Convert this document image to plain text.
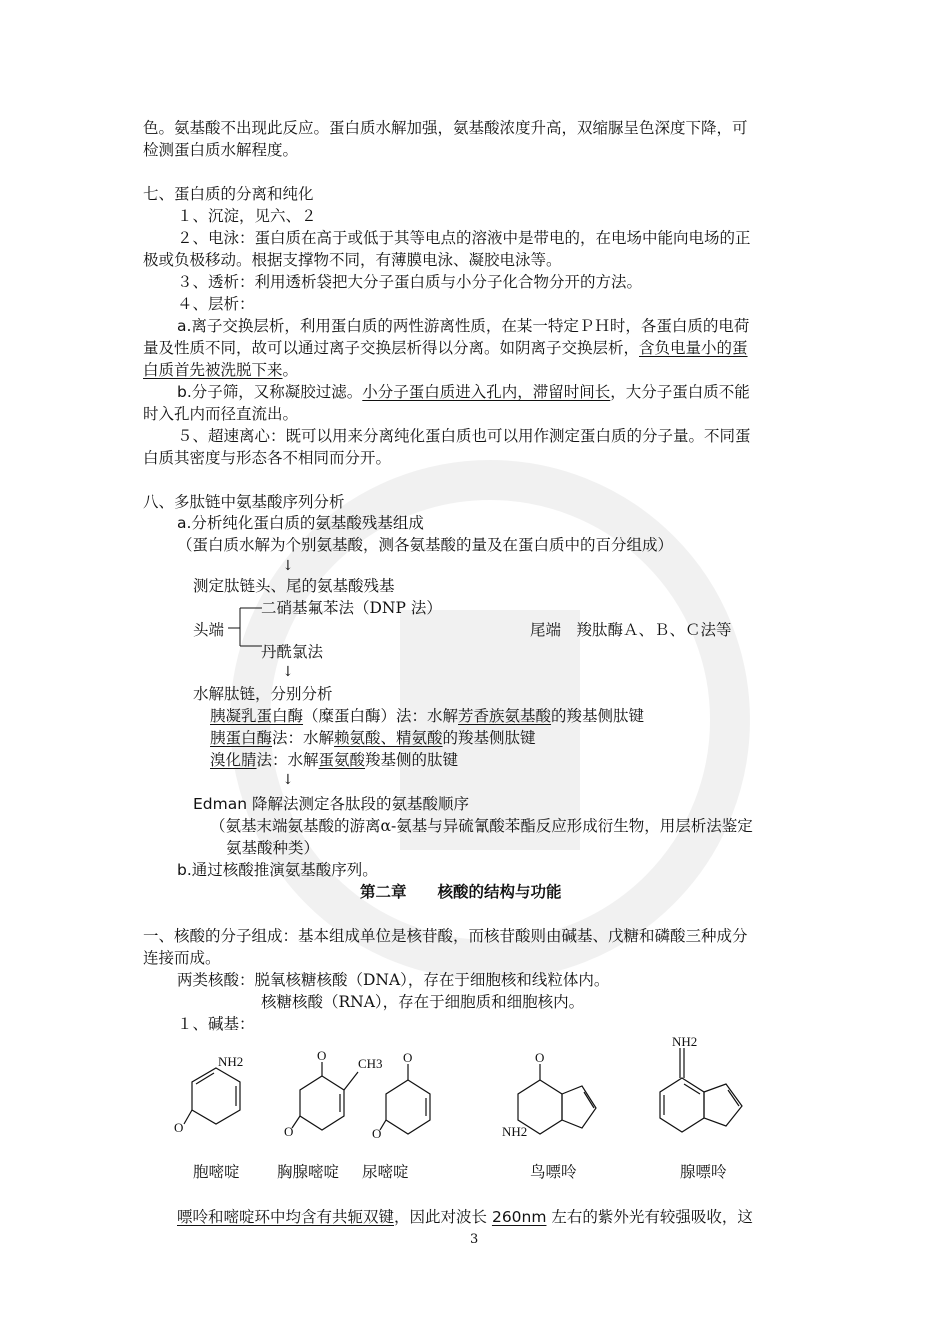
色。氨基酸不出现此反应。蛋白质水解加强，氨基酸浓度升高，双缩脲呈色深度下降，可
检测蛋白质水解程度。
七、蛋白质的分离和纯化
１、沉淀，见六、２
２、电泳：蛋白质在高于或低于其等电点的溶液中是带电的，在电场中能向电场的正
极或负极移动。根据支撑物不同，有薄膜电泳、凝胶电泳等。
３、透析：利用透析袋把大分子蛋白质与小分子化合物分开的方法。
４、层析：
a.离子交换层析，利用蛋白质的两性游离性质，在某一特定ＰＨ时，各蛋白质的电荷
量及性质不同，故可以通过离子交换层析得以分离。如阴离子交换层析，含负电量小的蛋
白质首先被洗脱下来。
b.分子筛，又称凝胶过滤。小分子蛋白质进入孔内，滞留时间长，大分子蛋白质不能
时入孔内而径直流出。
５、超速离心：既可以用来分离纯化蛋白质也可以用作测定蛋白质的分子量。不同蛋
白质其密度与形态各不相同而分开。
八、多肽链中氨基酸序列分析
a.分析纯化蛋白质的氨基酸残基组成
（蛋白质水解为个别氨基酸，测各氨基酸的量及在蛋白质中的百分组成）
↓
测定肽链头、尾的氨基酸残基
二硝基氟苯法（DNP 法）
头端	尾端　羧肽酶Ａ、Ｂ、Ｃ法等
丹酰氯法
↓
水解肽链，分别分析
胰凝乳蛋白酶（糜蛋白酶）法：水解芳香族氨基酸的羧基侧肽键
胰蛋白酶法：水解赖氨酸、精氨酸的羧基侧肽键
溴化腈法：水解蛋氨酸羧基侧的肽键
↓
Edman 降解法测定各肽段的氨基酸顺序
（氨基末端氨基酸的游离α-氨基与异硫氰酸苯酯反应形成衍生物，用层析法鉴定
氨基酸种类）
b.通过核酸推演氨基酸序列。
第二章　　核酸的结构与功能
一、核酸的分子组成：基本组成单位是核苷酸，而核苷酸则由碱基、戊糖和磷酸三种成分
连接而成。
两类核酸：脱氧核糖核酸（DNA），存在于细胞核和线粒体内。
核糖核酸（RNA），存在于细胞质和细胞核内。
１、碱基：
NH2
O
胞嘧啶
O
CH3
O
胸腺嘧啶
O
O
尿嘧啶
O
NH2
鸟嘌呤
NH2
腺嘌呤
嘌呤和嘧啶环中均含有共轭双键，因此对波长 260nm 左右的紫外光有较强吸收，这
3
